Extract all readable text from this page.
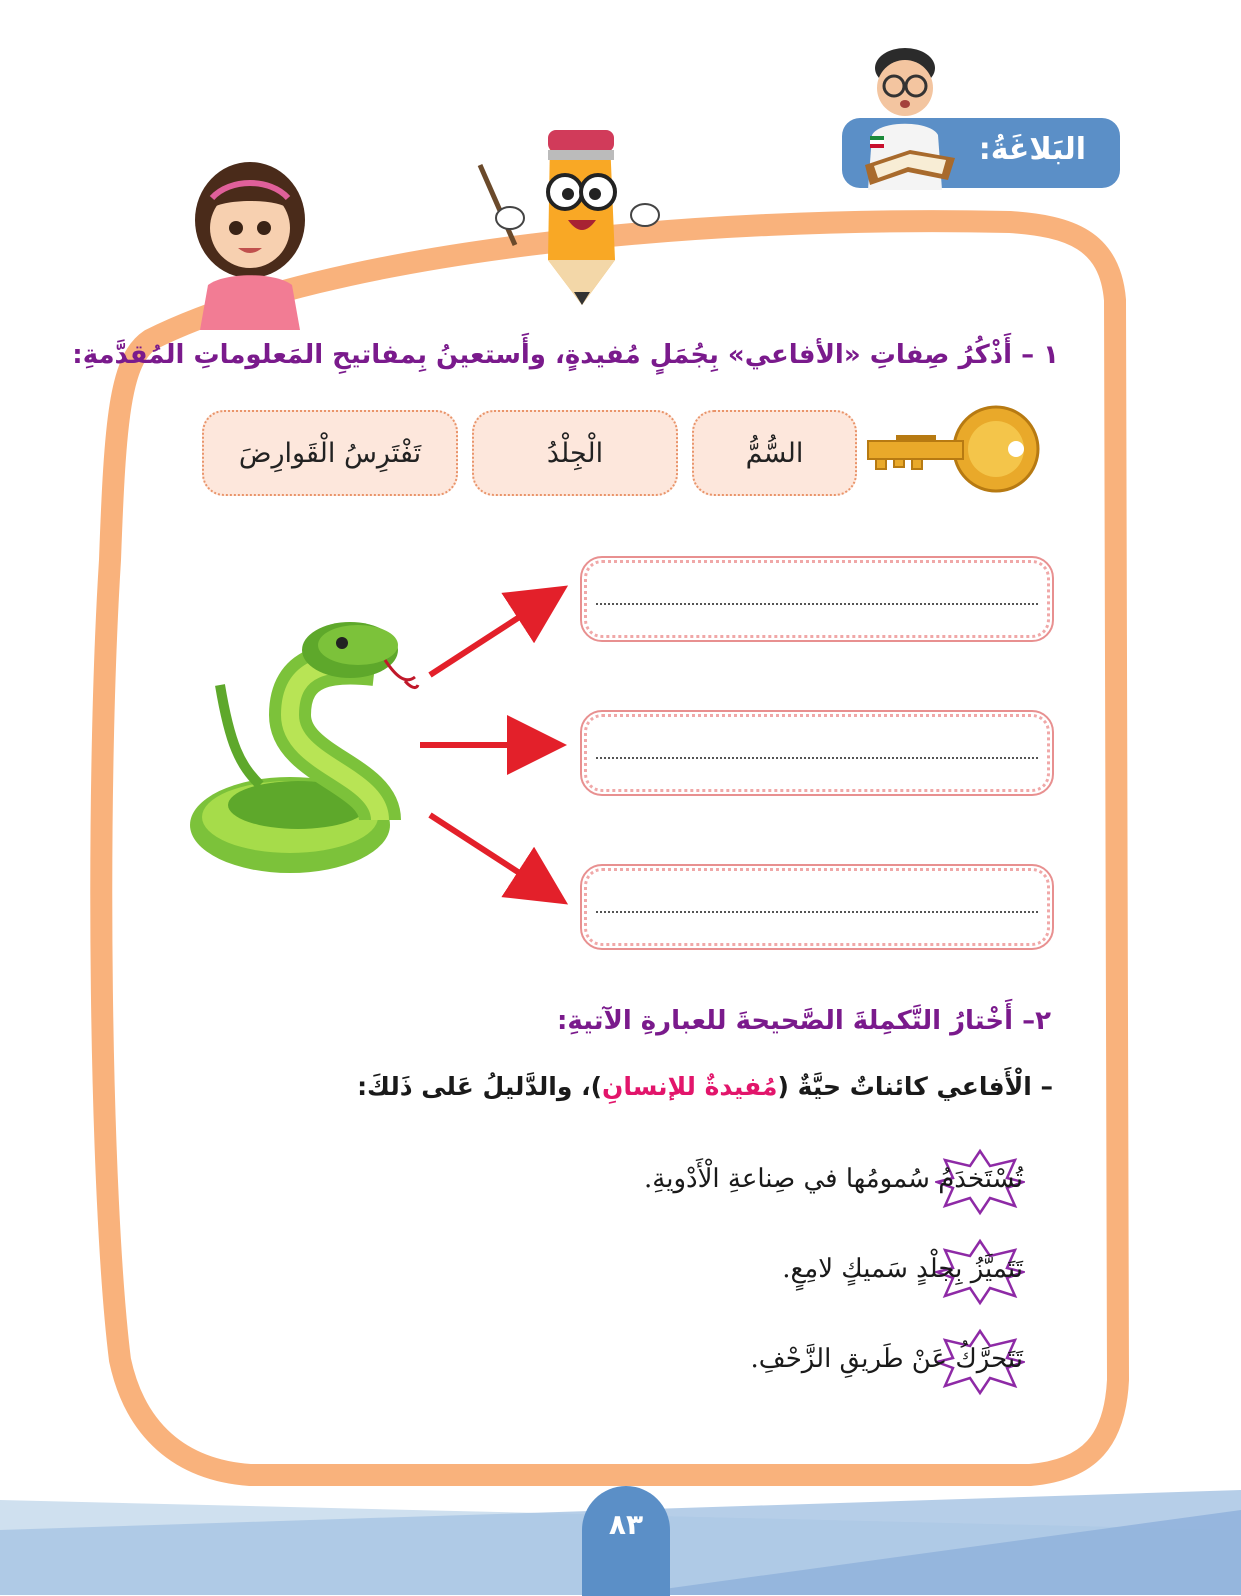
البَلاغَةُ:
١ – أَذْكُرُ صِفاتِ «الأفاعي» بِجُمَلٍ مُفيدةٍ، وأَستعينُ بِمفاتيحِ المَعلوماتِ المُقدَّمةِ:
السُّمُّ
الْجِلْدُ
تَفْتَرِسُ الْقَوارِضَ
٢– أَخْتارُ التَّكمِلةَ الصَّحيحةَ للعبارةِ الآتيةِ:
– الْأَفاعي كائناتٌ حيَّةٌ (مُفيدةٌ للإنسانِ)، والدَّليلُ عَلى ذَلكَ:
تُسْتَخدَمُ سُمومُها في صِناعةِ الْأَدْويةِ.
تَتَميَّزُ بِجلْدٍ سَميكٍ لامِعٍ.
تَتَحرَّكُ عَنْ طَريقِ الزَّحْفِ.
٨٣
